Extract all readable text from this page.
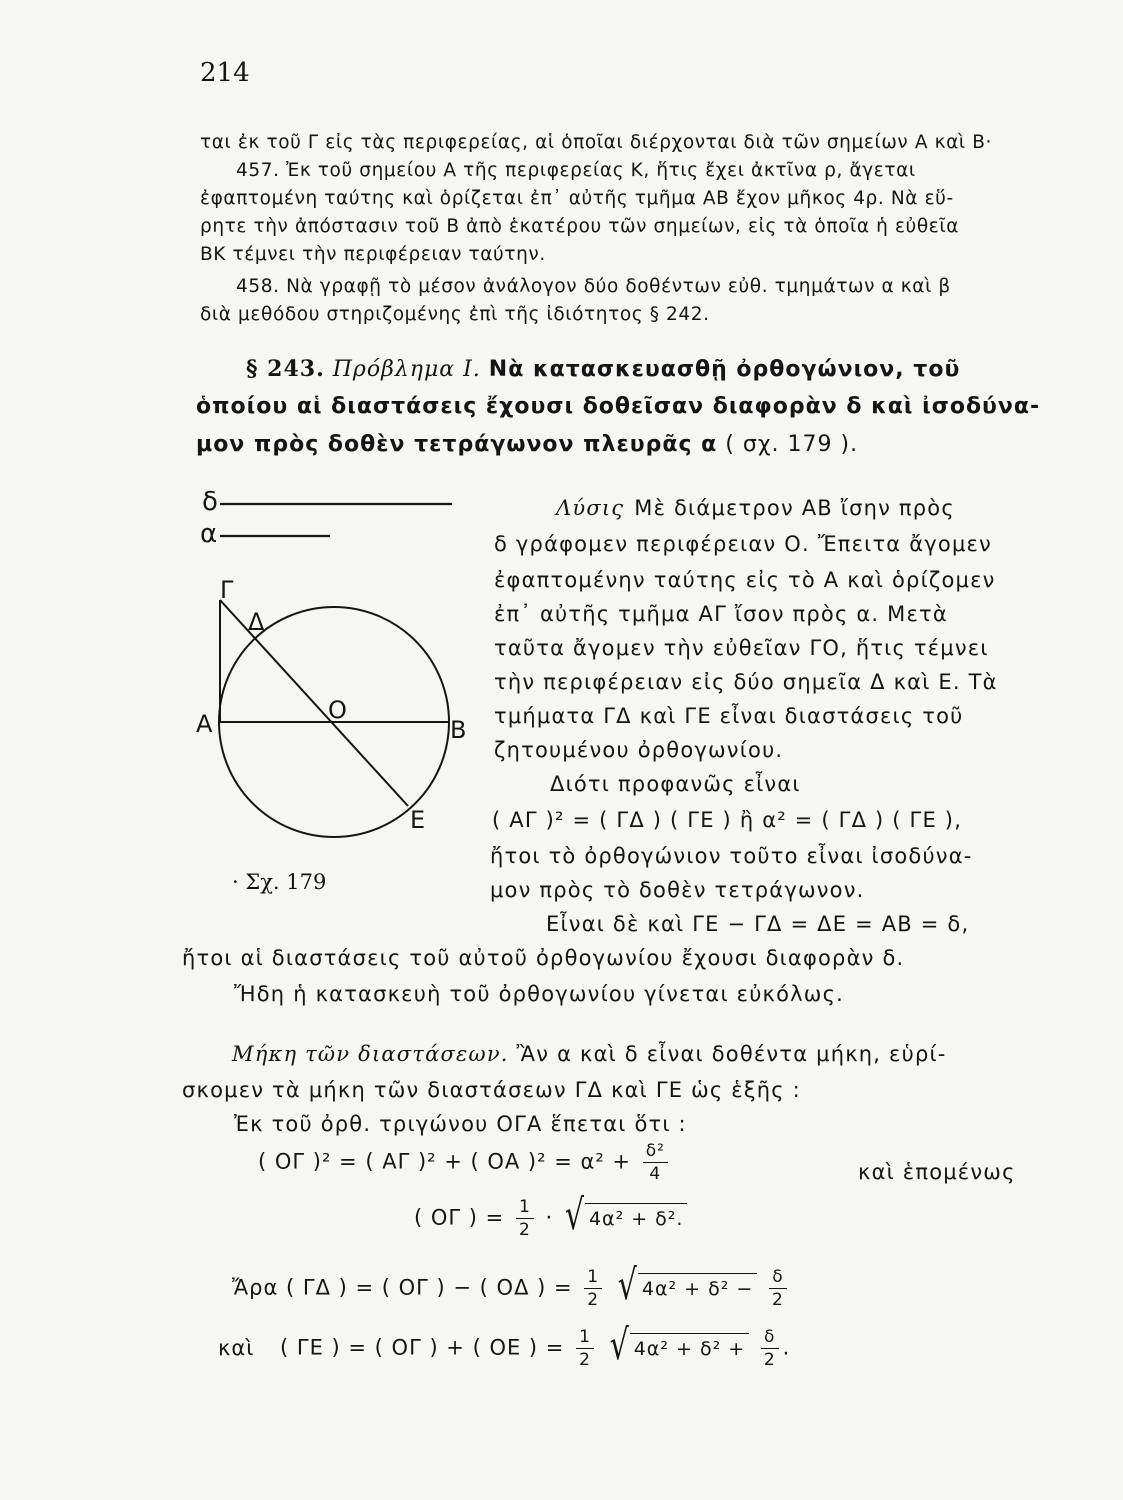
214
ται ἐκ τοῦ Γ εἰς τὰς περιφερείας, αἱ ὁποῖαι διέρχονται διὰ τῶν σημείων Α καὶ Β·
457. Ἐκ τοῦ σημείου Α τῆς περιφερείας Κ, ἥτις ἔχει ἀκτῖνα ρ, ἄγεται
ἐφαπτομένη ταύτης καὶ ὁρίζεται ἐπ᾽ αὐτῆς τμῆμα ΑΒ ἔχον μῆκος 4ρ. Νὰ εὕ-
ρητε τὴν ἀπόστασιν τοῦ Β ἀπὸ ἑκατέρου τῶν σημείων, εἰς τὰ ὁποῖα ἡ εὐθεῖα
ΒΚ τέμνει τὴν περιφέρειαν ταύτην.
458. Νὰ γραφῇ τὸ μέσον ἀνάλογον δύο δοθέντων εὐθ. τμημάτων α καὶ β
διὰ μεθόδου στηριζομένης ἐπὶ τῆς ἰδιότητος § 242.
§ 243. Πρόβλημα Ι. Νὰ κατασκευασθῇ ὀρθογώνιον, τοῦ
ὁποίου αἱ διαστάσεις ἔχουσι δοθεῖσαν διαφορὰν δ καὶ ἰσοδύνα-
μον πρὸς δοθὲν τετράγωνον πλευρᾶς α ( σχ. 179 ).
δ
α
Γ
Δ
Α	Ο
Β
Ε
· Σχ. 179
Λύσις Μὲ διάμετρον ΑΒ ἴσην πρὸς
δ γράφομεν περιφέρειαν Ο. Ἔπειτα ἄγομεν
ἐφαπτομένην ταύτης εἰς τὸ Α καὶ ὁρίζομεν
ἐπ᾽ αὐτῆς τμῆμα ΑΓ ἴσον πρὸς α. Μετὰ
ταῦτα ἄγομεν τὴν εὐθεῖαν ΓΟ, ἥτις τέμνει
τὴν περιφέρειαν εἰς δύο σημεῖα Δ καὶ Ε. Τὰ
τμήματα ΓΔ καὶ ΓΕ εἶναι διαστάσεις τοῦ
ζητουμένου ὀρθογωνίου.
Διότι προφανῶς εἶναι
( ΑΓ )² = ( ΓΔ ) ( ΓΕ ) ἢ α² = ( ΓΔ ) ( ΓΕ ),
ἤτοι τὸ ὀρθογώνιον τοῦτο εἶναι ἰσοδύνα-
μον πρὸς τὸ δοθὲν τετράγωνον.
Εἶναι δὲ καὶ ΓΕ − ΓΔ = ΔΕ = ΑΒ = δ,
ἤτοι αἱ διαστάσεις τοῦ αὐτοῦ ὀρθογωνίου ἔχουσι διαφορὰν δ.
Ἤδη ἡ κατασκευὴ τοῦ ὀρθογωνίου γίνεται εὐκόλως.
Μήκη τῶν διαστάσεων. Ἂν α καὶ δ εἶναι δοθέντα μήκη, εὑρί-
σκομεν τὰ μήκη τῶν διαστάσεων ΓΔ καὶ ΓΕ ὡς ἑξῆς :
Ἐκ τοῦ ὀρθ. τριγώνου ΟΓΑ ἕπεται ὅτι :
( ΟΓ )² = ( ΑΓ )² + ( ΟΑ )$^2 = \alpha^2 + \frac{\text{δ²}}{4}$	καὶ ἑπομένως
( ΟΓ ) = $\frac{1}{2}$ · √ 4α² + δ².
Ἄρα ( ΓΔ ) = ( ΟΓ ) − ( ΟΔ ) = $\frac{1}{2}$ √ $4\alpha^2 + \delta^2 - \frac{\delta}{2}$
καὶ ( ΓΕ ) = ( ΟΓ ) + ( ΟΕ ) = $\frac{1}{2}$ √ $4\alpha^2 + \delta^2 + \frac{\delta}{2}$ .
